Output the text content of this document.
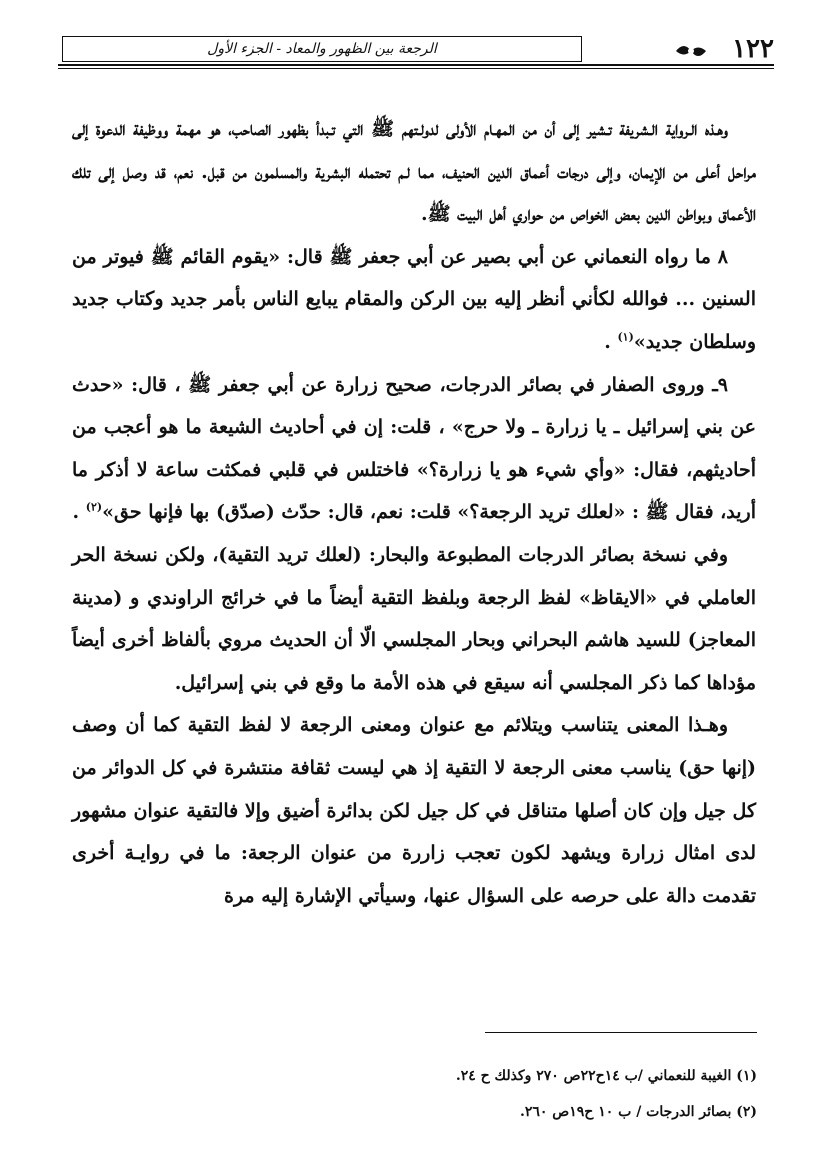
الرجعة بين الظهور والمعاد - الجزء الأول	١٢٢

وهـذه الـرواية الـشريفة تـشير إلى أن من المهـام الأولى لدولـتهم ﷺ التي تـبدأ بظهور الصاحب، هو مهمة ووظيفة الدعوة إلى مراحل أعلى من الإيمان، وإلى درجات أعماق الدين الحنيف، مما لـم تحتمله البشرية والمسلمون من قبل. نعم، قد وصل إلى تلك الأعماق وبواطن الدين بعض الخواص من حواري أهل البيت ﷺ.

٨ ما رواه النعماني عن أبي بصير عن أبي جعفر ﷺ قال: «يقوم القائم ﷺ فيوتر من السنين ... فوالله لكأني أنظر إليه بين الركن والمقام يبايع الناس بأمر جديد وكتاب جديد وسلطان جديد»$^{(١)}$ .

٩ـ وروى الصفار في بصائر الدرجات، صحيح زرارة عن أبي جعفر ﷺ ، قال: «حدث عن بني إسرائيل ـ يا زرارة ـ ولا حرج» ، قلت: إن في أحاديث الشيعة ما هو أعجب من أحاديثهم، فقال: «وأي شيء هو يا زرارة؟» فاختلس في قلبي فمكثت ساعة لا أذكر ما أريد، فقال ﷺ : «لعلك تريد الرجعة؟» قلت: نعم، قال: حدّث (صدّق) بها فإنها حق»$^{(٢)}$ .

وفي نسخة بصائر الدرجات المطبوعة والبحار: (لعلك تريد التقية)، ولكن نسخة الحر العاملي في «الايقاظ» لفظ الرجعة وبلفظ التقية أيضاً ما في خرائج الراوندي و (مدينة المعاجز) للسيد هاشم البحراني وبحار المجلسي الّا أن الحديث مروي بألفاظ أخرى أيضاً مؤداها كما ذكر المجلسي أنه سيقع في هذه الأمة ما وقع في بني إسرائيل.

وهـذا المعنى يتناسب ويتلائم مع عنوان ومعنى الرجعة لا لفظ التقية كما أن وصف (إنها حق) يناسب معنى الرجعة لا التقية إذ هي ليست ثقافة منتشرة في كل الدوائر من كل جيل وإن كان أصلها متناقل في كل جيل لكن بدائرة أضيق وإلا فالتقية عنوان مشهور لدى امثال زرارة ويشهد لكون تعجب زاررة من عنوان الرجعة: ما في روايـة أخرى تقدمت دالة على حرصه على السؤال عنها، وسيأتي الإشارة إليه مرة

(١) الغيبة للنعماني /ب ١٤ح٢٢ص ٢٧٠ وكذلك ح ٢٤.

(٢) بصائر الدرجات / ب ١٠ ح١٩ص ٢٦٠.
